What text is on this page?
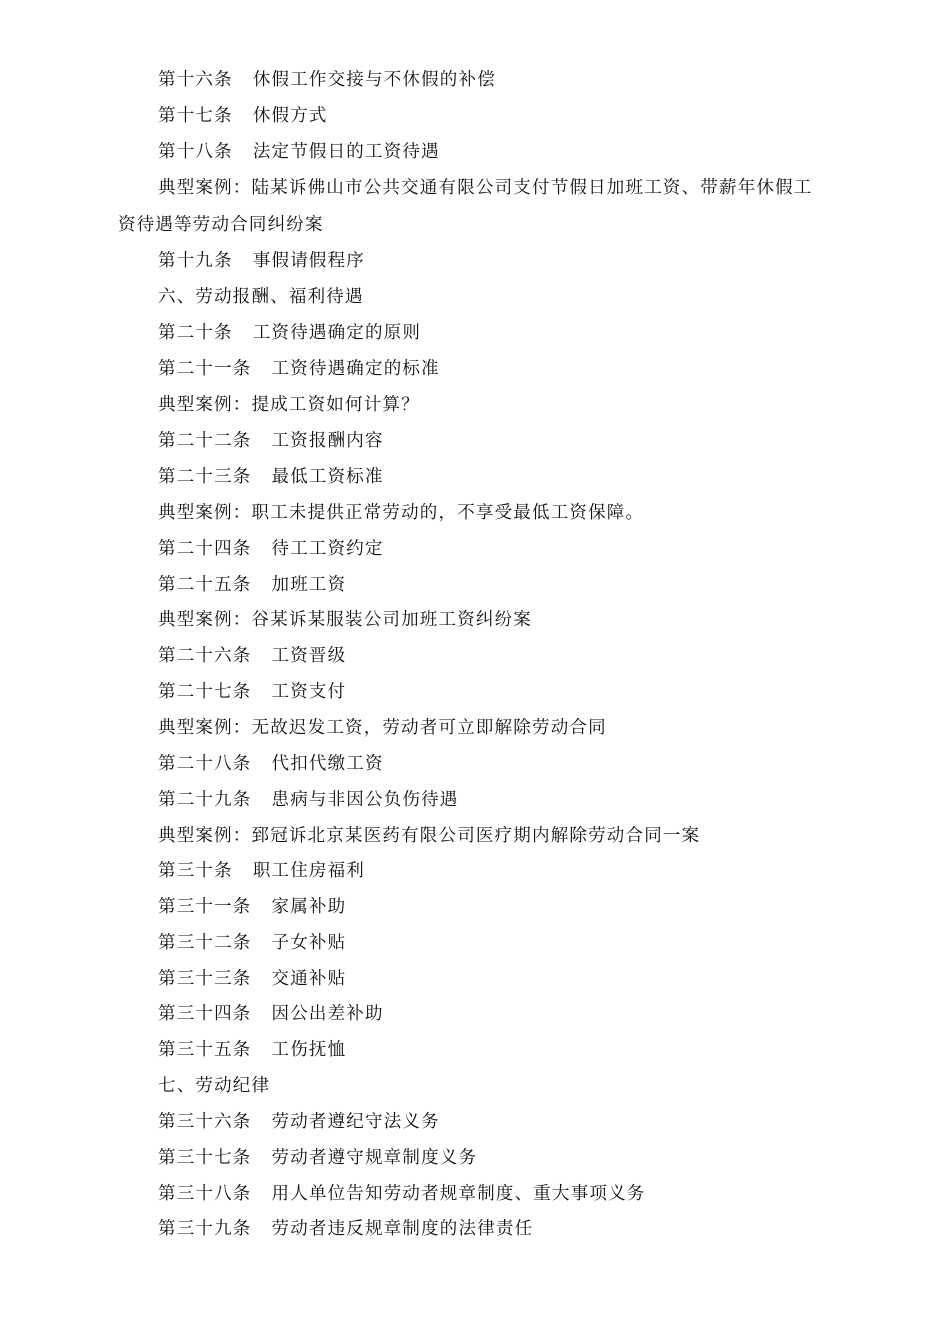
第十六条 休假工作交接与不休假的补偿
第十七条 休假方式
第十八条 法定节假日的工资待遇
典型案例：陆某诉佛山市公共交通有限公司支付节假日加班工资、带薪年休假工
资待遇等劳动合同纠纷案
第十九条 事假请假程序
六、劳动报酬、福利待遇
第二十条 工资待遇确定的原则
第二十一条 工资待遇确定的标准
典型案例：提成工资如何计算？
第二十二条 工资报酬内容
第二十三条 最低工资标准
典型案例：职工未提供正常劳动的，不享受最低工资保障。
第二十四条 待工工资约定
第二十五条 加班工资
典型案例：谷某诉某服装公司加班工资纠纷案
第二十六条 工资晋级
第二十七条 工资支付
典型案例：无故迟发工资，劳动者可立即解除劳动合同
第二十八条 代扣代缴工资
第二十九条 患病与非因公负伤待遇
典型案例：郅冠诉北京某医药有限公司医疗期内解除劳动合同一案
第三十条 职工住房福利
第三十一条 家属补助
第三十二条 子女补贴
第三十三条 交通补贴
第三十四条 因公出差补助
第三十五条 工伤抚恤
七、劳动纪律
第三十六条 劳动者遵纪守法义务
第三十七条 劳动者遵守规章制度义务
第三十八条 用人单位告知劳动者规章制度、重大事项义务
第三十九条 劳动者违反规章制度的法律责任
